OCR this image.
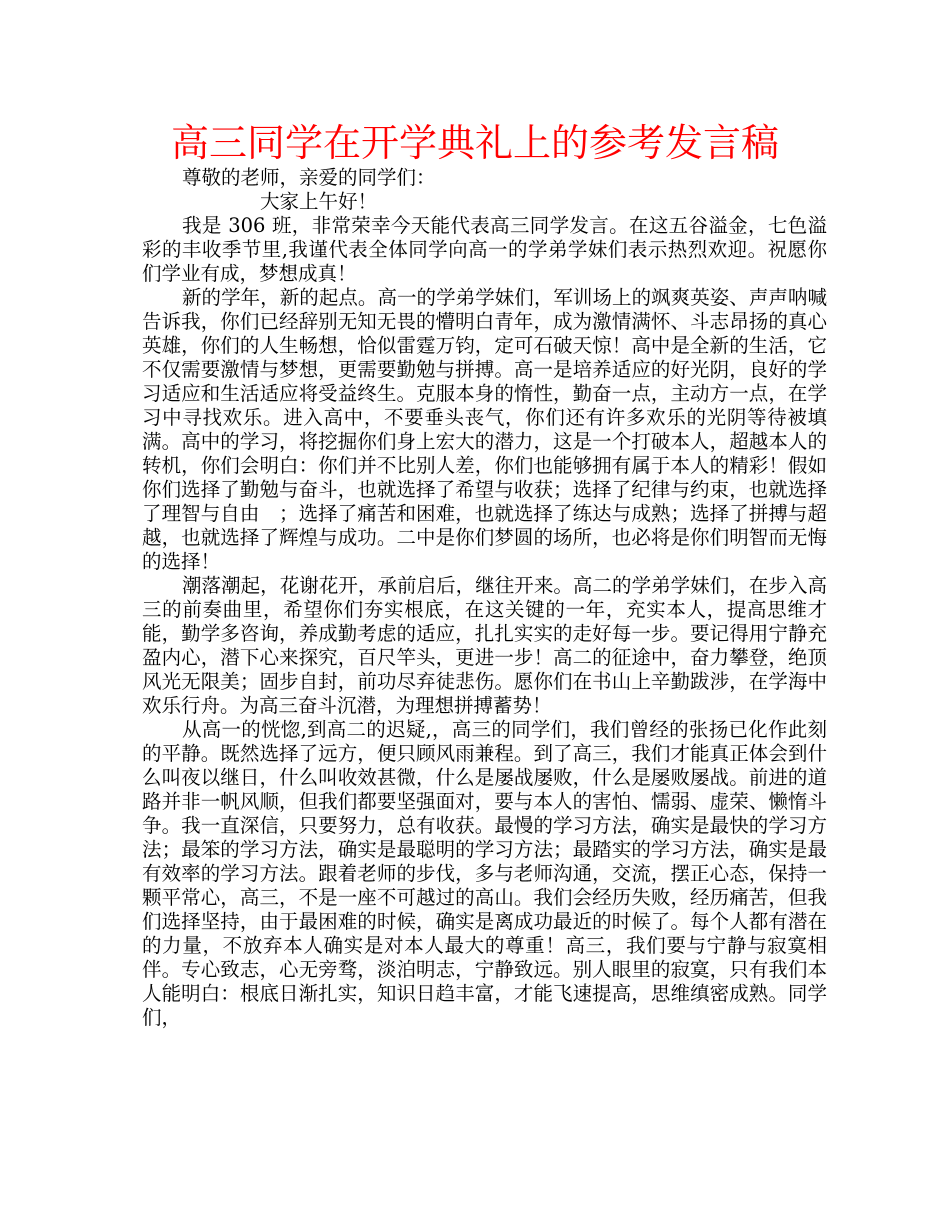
高三同学在开学典礼上的参考发言稿

尊敬的老师，亲爱的同学们：

大家上午好！

我是 306 班，非常荣幸今天能代表高三同学发言。在这五谷溢金，七色溢彩的丰收季节里,我谨代表全体同学向高一的学弟学妹们表示热烈欢迎。祝愿你们学业有成，梦想成真！

新的学年，新的起点。高一的学弟学妹们，军训场上的飒爽英姿、声声呐喊告诉我，你们已经辞别无知无畏的懵明白青年，成为激情满怀、斗志昂扬的真心英雄，你们的人生畅想，恰似雷霆万钧，定可石破天惊！高中是全新的生活，它不仅需要激情与梦想，更需要勤勉与拼搏。高一是培养适应的好光阴，良好的学习适应和生活适应将受益终生。克服本身的惰性，勤奋一点，主动方一点，在学习中寻找欢乐。进入高中，不要垂头丧气，你们还有许多欢乐的光阴等待被填满。高中的学习，将挖掘你们身上宏大的潜力，这是一个打破本人，超越本人的转机，你们会明白：你们并不比别人差，你们也能够拥有属于本人的精彩！假如你们选择了勤勉与奋斗，也就选择了希望与收获；选择了纪律与约束，也就选择了理智与自由　；选择了痛苦和困难，也就选择了练达与成熟；选择了拼搏与超越，也就选择了辉煌与成功。二中是你们梦圆的场所，也必将是你们明智而无悔的选择！

潮落潮起，花谢花开，承前启后，继往开来。高二的学弟学妹们，在步入高三的前奏曲里，希望你们夯实根底，在这关键的一年，充实本人，提高思维才能，勤学多咨询，养成勤考虑的适应，扎扎实实的走好每一步。要记得用宁静充盈内心，潜下心来探究，百尺竿头，更进一步！高二的征途中，奋力攀登，绝顶风光无限美；固步自封，前功尽弃徒悲伤。愿你们在书山上辛勤跋涉，在学海中欢乐行舟。为高三奋斗沉潜，为理想拼搏蓄势！

从高一的恍惚,到高二的迟疑,，高三的同学们，我们曾经的张扬已化作此刻的平静。既然选择了远方，便只顾风雨兼程。到了高三，我们才能真正体会到什么叫夜以继日，什么叫收效甚微，什么是屡战屡败，什么是屡败屡战。前进的道路并非一帆风顺，但我们都要坚强面对，要与本人的害怕、懦弱、虚荣、懒惰斗争。我一直深信，只要努力，总有收获。最慢的学习方法，确实是最快的学习方法；最笨的学习方法，确实是最聪明的学习方法；最踏实的学习方法，确实是最有效率的学习方法。跟着老师的步伐，多与老师沟通，交流，摆正心态，保持一颗平常心，高三，不是一座不可越过的高山。我们会经历失败，经历痛苦，但我们选择坚持，由于最困难的时候，确实是离成功最近的时候了。每个人都有潜在的力量，不放弃本人确实是对本人最大的尊重！高三，我们要与宁静与寂寞相伴。专心致志，心无旁骛，淡泊明志，宁静致远。别人眼里的寂寞，只有我们本人能明白：根底日渐扎实，知识日趋丰富，才能飞速提高，思维缜密成熟。同学们，
